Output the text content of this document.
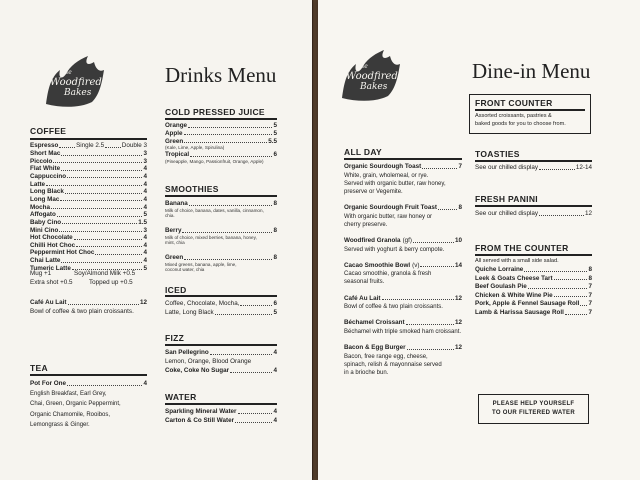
the
Woodfired
Bakes
Drinks Menu
COFFEE
Espresso	Single 2.5	Double 3
Mug +1	Soy/Almond Milk +0.5
Extra shot +0.5	Topped up +0.5
Café Au Lait	12
Bowl of coffee & two plain croissants.
TEA
Pot For One	4
COLD PRESSED JUICE
SMOOTHIES
ICED
FIZZ
WATER
Short Mac	3
Piccolo	3
Flat White	4
Cappuccino	4
Latte	4
Long Black	4
Long Mac	4
Mocha	4
Affogato	5
Baby Cino	1.5
Mini Cino	3
Hot Chocolate	4
Chilli Hot Choc	4
Peppermint Hot Choc	4
Chai Latte	4
Tumeric Latte	5
English Breakfast, Earl Grey,
Chai, Green, Organic Peppermint,
Organic Chamomile, Rooibos,
Lemongrass & Ginger.
Orange	5
Apple	5
Green	5.5
(Kale, Lime, Apple, Spirulina)
Tropical	6
(Pineapple, Mango, Passionfruit, Orange, Apple)
Banana	8
Milk of choice, banana, dates, vanilla, cinnamon,
chia.
Berry	8
Milk of choice, mixed berries, banana, honey,
mint, chia
Green	8
Mixed greens, banana, apple, lime,
coconut water, chia
Coffee, Chocolate, Mocha,	6
Latte, Long Black	5
San Pellegrino	4
Lemon, Orange, Blood Orange
Coke, Coke No Sugar	4
Sparkling Mineral Water	4
Carton & Co Still Water	4
the
Woodfired
Bakes
Dine-in Menu
FRONT COUNTER
Assorted croissants, pastries &
baked goods for you to choose from.
ALL DAY	TOASTIES
See our chilled display	12-14
FRESH PANINI
See our chilled display	12
FROM THE COUNTER
All served with a small side salad.
PLEASE HELP YOURSELF
TO OUR FILTERED WATER
Organic Sourdough Toast	7
White, grain, wholemeal, or rye.
Served with organic butter, raw honey,
preserve or Vegemite.
Organic Sourdough Fruit Toast	8
With organic butter, raw honey or
cherry preserve.
Woodfired Granola (gf)	10
Served with yoghurt & berry compote.
Cacao Smoothie Bowl (v)	14
Cacao smoothie, granola & fresh
seasonal fruits.
Café Au Lait	12
Bowl of coffee & two plain croissants.
Béchamel Croissant	12
Béchamel with triple smoked ham croissant.
Bacon & Egg Burger	12
Bacon, free range egg, cheese,
spinach, relish & mayonnaise served
in a brioche bun.
Quiche Lorraine	8
Leek & Goats Cheese Tart	8
Beef Goulash Pie	7
Chicken & White Wine Pie	7
Pork, Apple & Fennel Sausage Roll 7
Lamb & Harissa Sausage Roll	7
